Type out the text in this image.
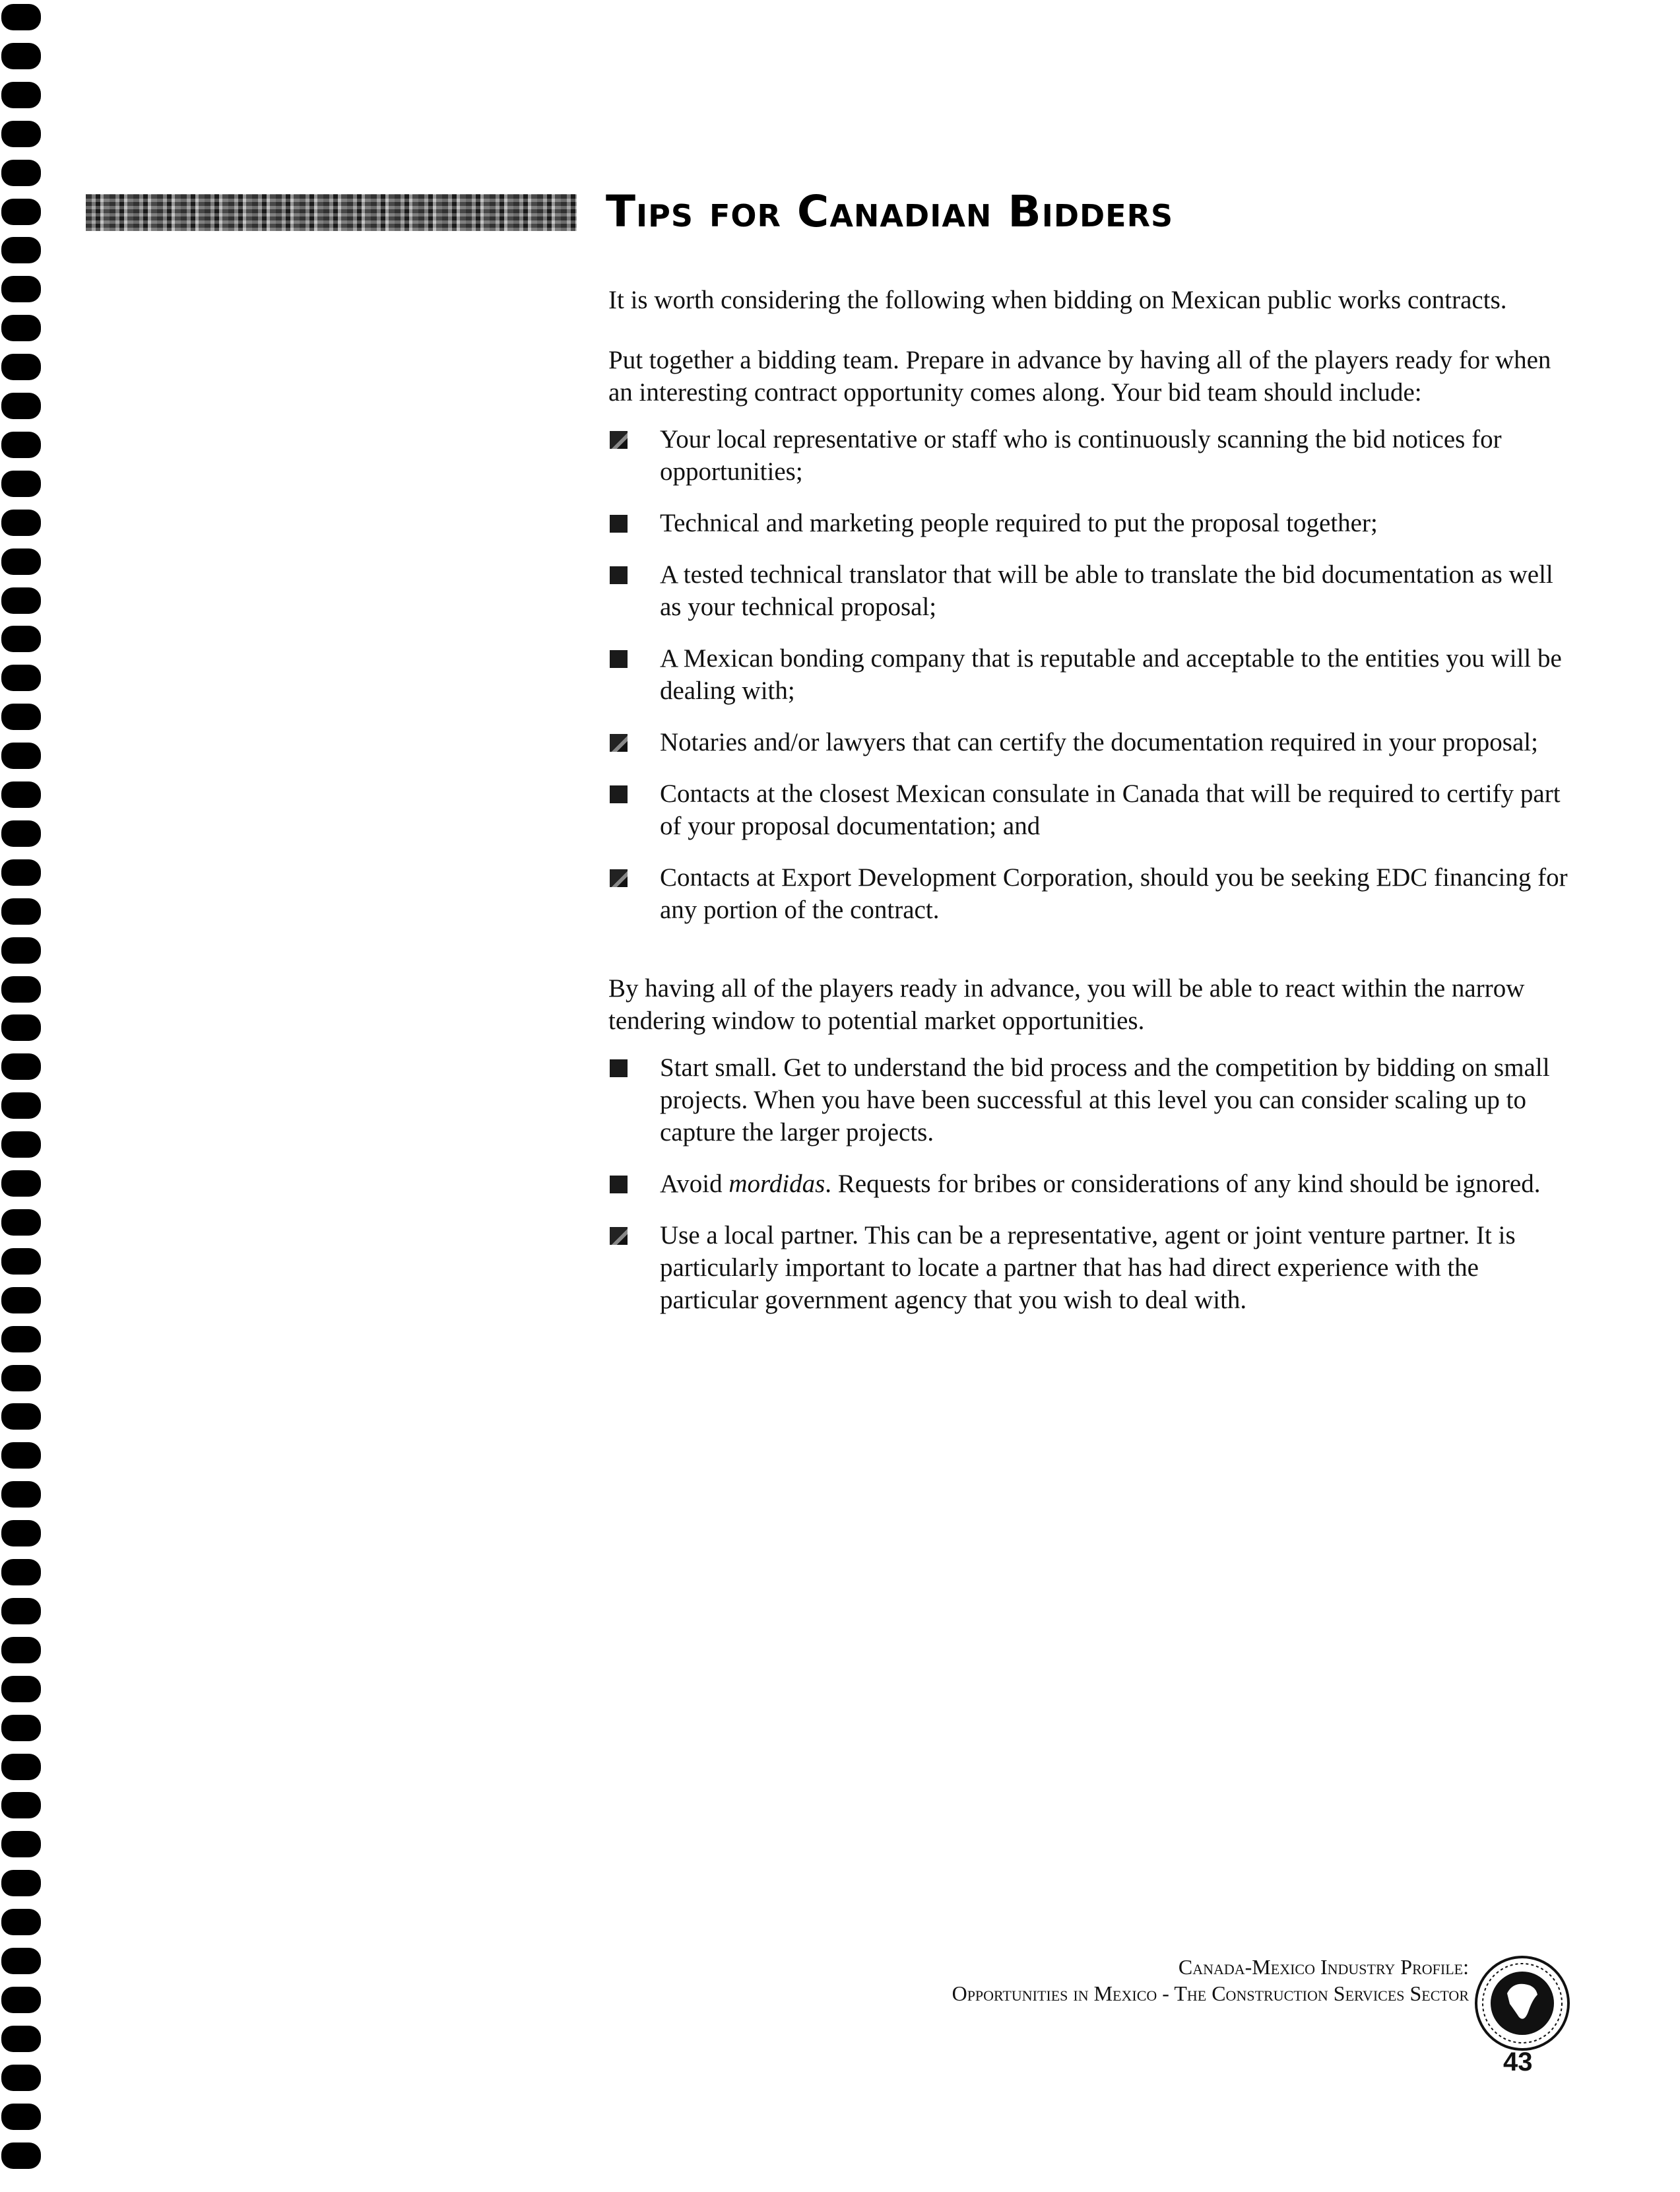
Tips for Canadian Bidders

It is worth considering the following when bidding on Mexican public works contracts.

Put together a bidding team. Prepare in advance by having all of the players ready for when an interesting contract opportunity comes along. Your bid team should include:

Your local representative or staff who is continuously scanning the bid notices for opportunities;
Technical and marketing people required to put the proposal together;
A tested technical translator that will be able to translate the bid documentation as well as your technical proposal;
A Mexican bonding company that is reputable and acceptable to the entities you will be dealing with;
Notaries and/or lawyers that can certify the documentation required in your proposal;
Contacts at the closest Mexican consulate in Canada that will be required to certify part of your proposal documentation; and
Contacts at Export Development Corporation, should you be seeking EDC financing for any portion of the contract.

By having all of the players ready in advance, you will be able to react within the narrow tendering window to potential market opportunities.

Start small. Get to understand the bid process and the competition by bidding on small projects. When you have been successful at this level you can consider scaling up to capture the larger projects.
Avoid mordidas. Requests for bribes or considerations of any kind should be ignored.
Use a local partner. This can be a representative, agent or joint venture partner. It is particularly important to locate a partner that has had direct experience with the particular government agency that you wish to deal with.
Canada-Mexico Industry Profile:
Opportunities in Mexico - The Construction Services Sector
43
